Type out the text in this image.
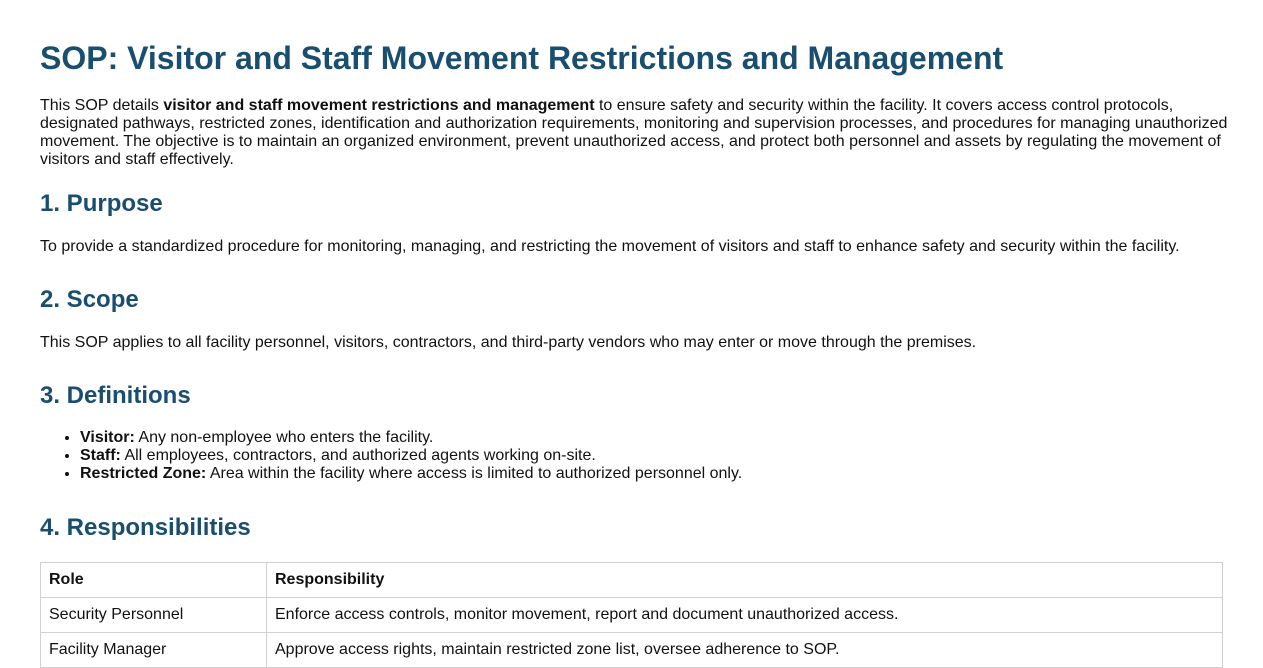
SOP: Visitor and Staff Movement Restrictions and Management

This SOP details visitor and staff movement restrictions and management to ensure safety and security within the facility. It covers access control protocols, designated pathways, restricted zones, identification and authorization requirements, monitoring and supervision processes, and procedures for managing unauthorized movement. The objective is to maintain an organized environment, prevent unauthorized access, and protect both personnel and assets by regulating the movement of visitors and staff effectively.

1. Purpose

To provide a standardized procedure for monitoring, managing, and restricting the movement of visitors and staff to enhance safety and security within the facility.

2. Scope

This SOP applies to all facility personnel, visitors, contractors, and third-party vendors who may enter or move through the premises.

3. Definitions
• Visitor: Any non-employee who enters the facility.
• Staff: All employees, contractors, and authorized agents working on-site.
• Restricted Zone: Area within the facility where access is limited to authorized personnel only.
4. Responsibilities
Role	Responsibility
Security Personnel	Enforce access controls, monitor movement, report and document unauthorized access.
Facility Manager	Approve access rights, maintain restricted zone list, oversee adherence to SOP.
